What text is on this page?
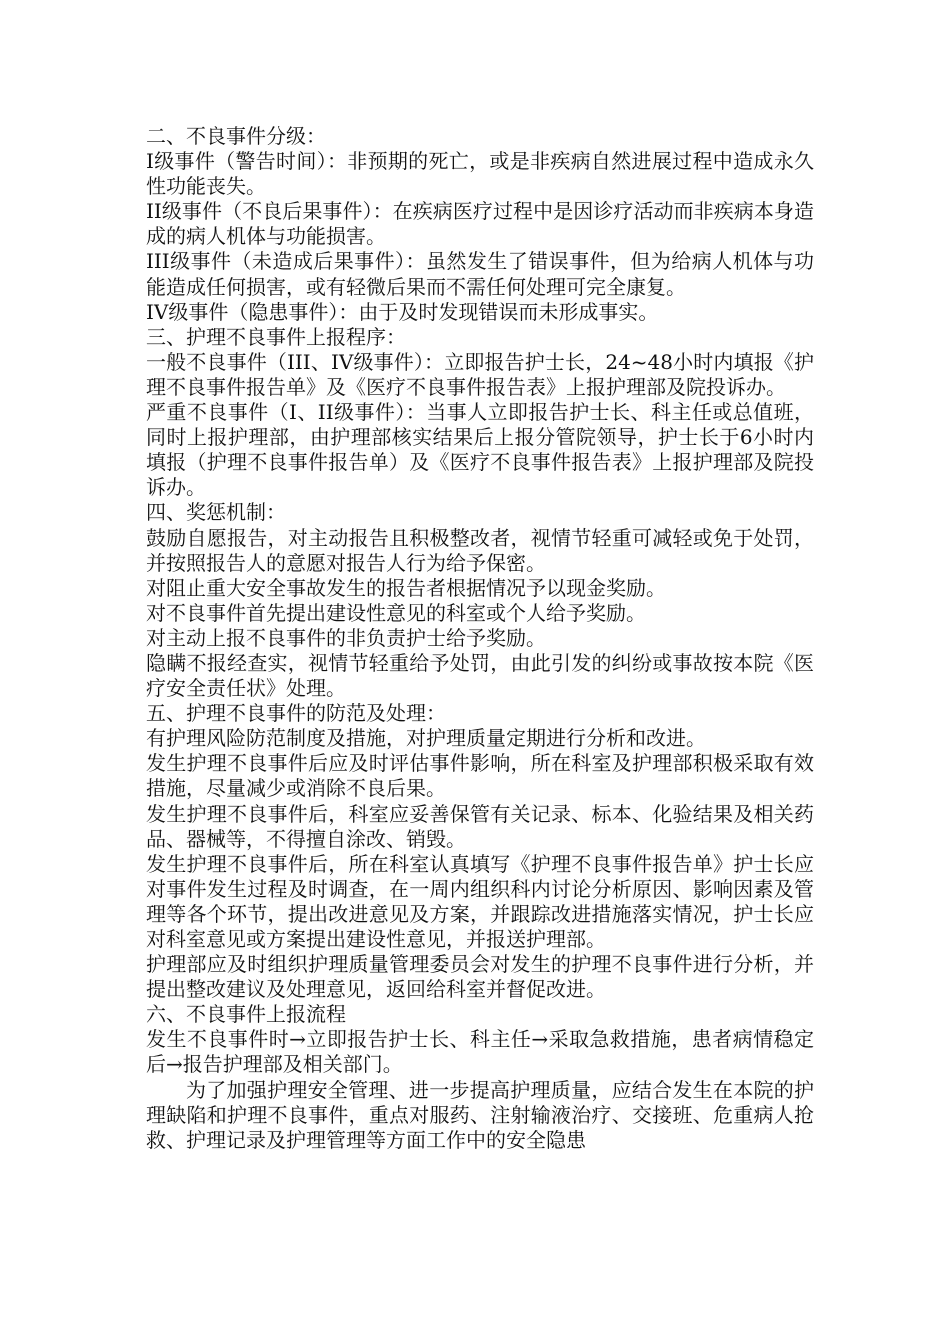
二、不良事件分级：

I级事件（警告时间）：非预期的死亡，或是非疾病自然进展过程中造成永久性功能丧失。

II级事件（不良后果事件）：在疾病医疗过程中是因诊疗活动而非疾病本身造成的病人机体与功能损害。

III级事件（未造成后果事件）：虽然发生了错误事件，但为给病人机体与功能造成任何损害，或有轻微后果而不需任何处理可完全康复。

IV级事件（隐患事件）：由于及时发现错误而未形成事实。

三、护理不良事件上报程序：

一般不良事件（III、IV级事件）：立即报告护士长，24~48小时内填报《护理不良事件报告单》及《医疗不良事件报告表》上报护理部及院投诉办。

严重不良事件（I、II级事件）：当事人立即报告护士长、科主任或总值班，同时上报护理部，由护理部核实结果后上报分管院领导，护士长于6小时内填报（护理不良事件报告单）及《医疗不良事件报告表》上报护理部及院投诉办。

四、奖惩机制：

鼓励自愿报告，对主动报告且积极整改者，视情节轻重可减轻或免于处罚，并按照报告人的意愿对报告人行为给予保密。

对阻止重大安全事故发生的报告者根据情况予以现金奖励。

对不良事件首先提出建设性意见的科室或个人给予奖励。

对主动上报不良事件的非负责护士给予奖励。

隐瞒不报经查实，视情节轻重给予处罚，由此引发的纠纷或事故按本院《医疗安全责任状》处理。

五、护理不良事件的防范及处理：

有护理风险防范制度及措施，对护理质量定期进行分析和改进。

发生护理不良事件后应及时评估事件影响，所在科室及护理部积极采取有效措施，尽量减少或消除不良后果。

发生护理不良事件后，科室应妥善保管有关记录、标本、化验结果及相关药品、器械等，不得擅自涂改、销毁。

发生护理不良事件后，所在科室认真填写《护理不良事件报告单》护士长应对事件发生过程及时调查，在一周内组织科内讨论分析原因、影响因素及管理等各个环节，提出改进意见及方案，并跟踪改进措施落实情况，护士长应对科室意见或方案提出建设性意见，并报送护理部。

护理部应及时组织护理质量管理委员会对发生的护理不良事件进行分析，并提出整改建议及处理意见，返回给科室并督促改进。

六、不良事件上报流程

发生不良事件时→立即报告护士长、科主任→采取急救措施，患者病情稳定后→报告护理部及相关部门。

为了加强护理安全管理、进一步提高护理质量，应结合发生在本院的护理缺陷和护理不良事件，重点对服药、注射输液治疗、交接班、危重病人抢救、护理记录及护理管理等方面工作中的安全隐患
